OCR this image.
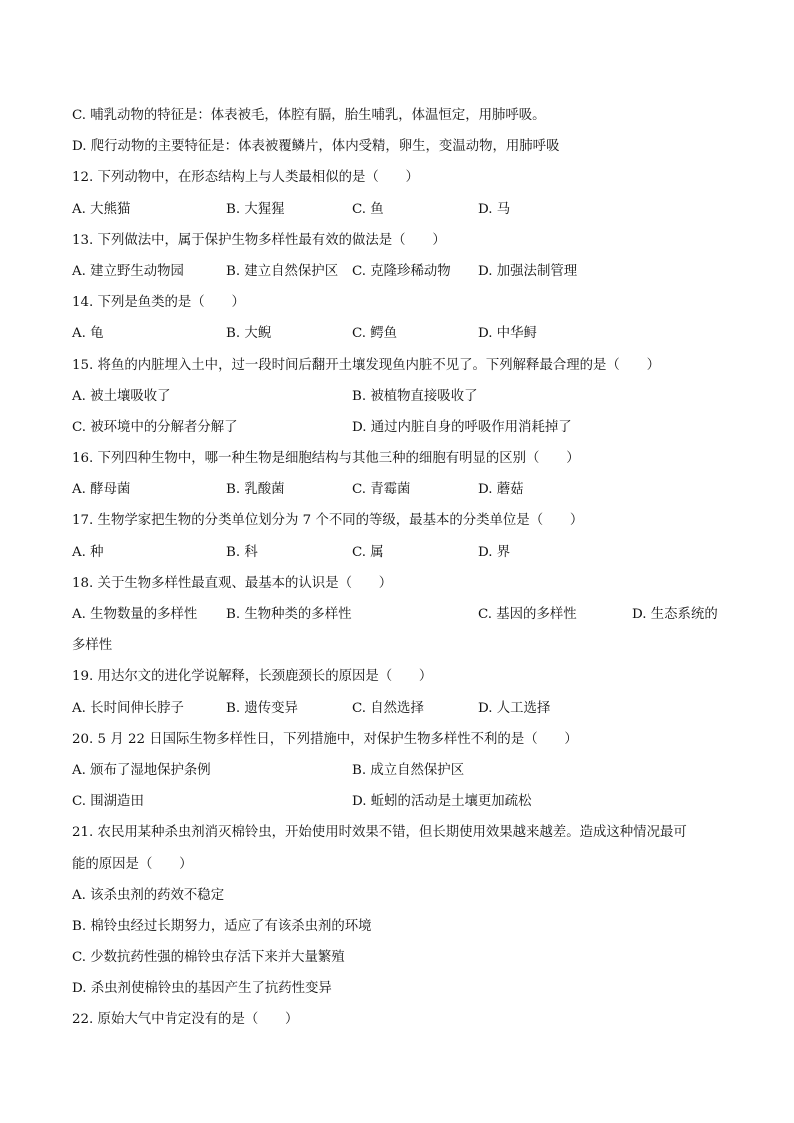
C. 哺乳动物的特征是：体表被毛，体腔有膈，胎生哺乳，体温恒定，用肺呼吸。
D. 爬行动物的主要特征是：体表被覆鳞片，体内受精，卵生，变温动物，用肺呼吸
12. 下列动物中，在形态结构上与人类最相似的是（　　）
A. 大熊猫	B. 大猩猩	C. 鱼	D. 马
13. 下列做法中，属于保护生物多样性最有效的做法是（　　）
A. 建立野生动物园	B. 建立自然保护区 C. 克隆珍稀动物 D. 加强法制管理
14. 下列是鱼类的是（　　）
A. 龟	B. 大鲵	C. 鳄鱼	D. 中华鲟
15. 将鱼的内脏埋入土中，过一段时间后翻开土壤发现鱼内脏不见了。下列解释最合理的是（　　）
A. 被土壤吸收了	B. 被植物直接吸收了
C. 被环境中的分解者分解了	D. 通过内脏自身的呼吸作用消耗掉了
16. 下列四种生物中，哪一种生物是细胞结构与其他三种的细胞有明显的区别（　　）
A. 酵母菌	B. 乳酸菌	C. 青霉菌	D. 蘑菇
17. 生物学家把生物的分类单位划分为 7 个不同的等级，最基本的分类单位是（　　）
A. 种	B. 科	C. 属	D. 界
18. 关于生物多样性最直观、最基本的认识是（　　）
A. 生物数量的多样性 B. 生物种类的多样性	C. 基因的多样性	D. 生态系统的
多样性
19. 用达尔文的进化学说解释，长颈鹿颈长的原因是（　　）
A. 长时间伸长脖子	B. 遗传变异	C. 自然选择	D. 人工选择
20. 5 月 22 日国际生物多样性日，下列措施中，对保护生物多样性不利的是（　　）
A. 颁布了湿地保护条例	B. 成立自然保护区
C. 围湖造田	D. 蚯蚓的活动是土壤更加疏松
21. 农民用某种杀虫剂消灭棉铃虫，开始使用时效果不错，但长期使用效果越来越差。造成这种情况最可
能的原因是（　　）
A. 该杀虫剂的药效不稳定
B. 棉铃虫经过长期努力，适应了有该杀虫剂的环境
C. 少数抗药性强的棉铃虫存活下来并大量繁殖
D. 杀虫剂使棉铃虫的基因产生了抗药性变异
22. 原始大气中肯定没有的是（　　）
